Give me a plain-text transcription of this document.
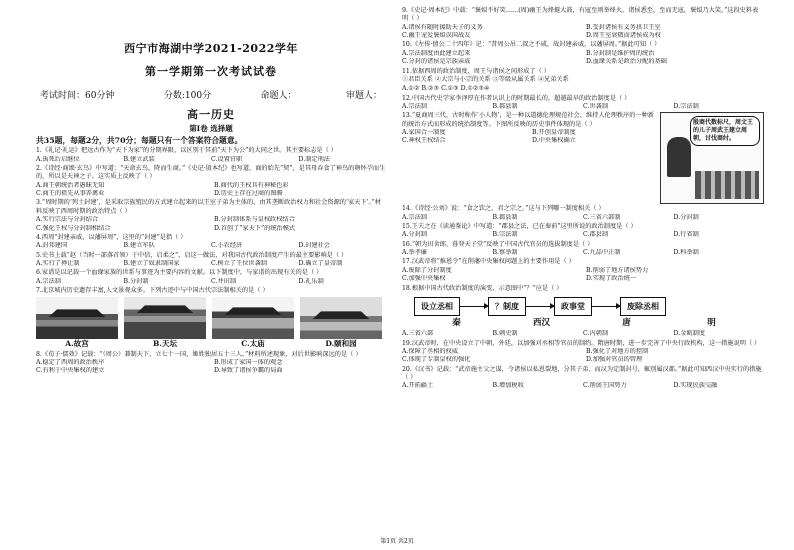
西宁市海湖中学2021-2022学年
第一学期第一次考试试卷
考试时间：60分钟	分数:100分	命题人：	审题人：
高一历史
第Ⅰ卷 选择题
共35题，每题2分，共70分；每题只有一个答案符合题意。
1.《礼记·礼运》把远古作为“天下为家”的分期界限，以区别于其前“天下为公”的大同之世。其主要标志是（ ）
A.禹死后启继位	B.建立武装	C.设置官职	D.制定刑法
2.《诗经·商颂·玄鸟》中写道：“天命玄鸟，降而生商。”《史记·殷本纪》也写道，商的始先“契”，是其母吞食了神鸟的卵怀孕而生的，所以是天神之子。这实质上反映了（ ）
A.商王朝统治者愚昧无知	B.商代的王权具有神秘色彩
C.商王的祖先从事养禽业	D.历史上存在过商的图腾
3.“周时期的‘列土封建’，是采取宗族殖民的方式建立起来的以王室子弟为主体的，由其垄断政治权力和社会资源的‘家天下’。”材料反映了西周时期的政治特点（ ）
A.实行宗法与分封结合	B.分封制体系与皇权政权结合
C.强化王权与分封制相结合	D.首创了“家天下”的统治模式
4.西周“封建亲戚，以藩屏周”，这里的“封建”是指（ ）
A.封邦建国	B.建立军队	C.小农经济	D.封建社会
5.史书上载“赵（当时一部落首领）于中信，启柔之”，启这一做法，对我国古代政治制度产生的最主要影响是（ ）
A.实行了禅让制	B.建立了奴隶制国家	C.树立了王位世袭制	D.确立了皇帝制
6.家谱是以记载一个血缘家族的世系与事迹为主要内容的文献。以下制度中，与家谱的出现有关的是（ ）
A.宗法制	B.分封制	C.井田制	D.礼乐制
7.北京城内历史遗存丰富,人文景观众多。下列古迹中与中国古代宗法制相关的是（ ）
A.故宫	B.天坛	C.太庙	D.颐和园
8.《荀子·儒效》记载：“（周公）兼制天下，立七十一国，姬姓独居五十三人。”材料所述现象，对后世影响深远的是（ ）
A.稳定了西周的政治秩序	B.形成了家国一体的观念
C.有利于中央集权的建立	D.导致了诸侯争霸的局面
9.《史记·周本纪》中载：“褒姒不好笑……(周)幽王为烽燧大鼓，有寇至则举烽火。诸侯悉至，至而无寇，褒姒乃大笑。”这段史料表明（ ）
A.诸侯有随时援助天子的义务	B.受封诸侯有义务拱卫王室
C.幽王宠爱褒姒误国战友	D.周王室衰微而诸侯成为权
10.《左传·僖公二十四年》记：“昔周公吊二叔之不咸，故封建亲戚，以藩屏周。”据此可知（ ）
A.宗法制度由此建立起来	B.分封制是维护周的统治
C.分封的诸侯是宗族亲戚	D.血缘关系是政治分配的基础
11.依据西周的政治制度，周王与诸侯之间形成了（ ）
①君臣关系 ②大宗与小宗的关系 ③等级从属关系 ④兄弟关系
A.①② B.②③ C.①③ D.①②③④
12.中国古代史学家李泽厚在作者认识上的时期最长的，超越最早的政治制度是（ ）
A.宗法制	B.郡县制	C.世袭制	D.宗法制
13.“夏商周三代，古时称作‘小人物’，是一种以道德伦理规范社会、维持人伦理秩序的一种新的统治方式而形成的统治制度等。下图所反映的历史事件体现的是（ ）
A.家国合一制度	B.开创皇帝制度
C.神权王权结合	D.中央集权确立
殷商代数标尺，周文王的儿子周武王建立周朝，讨伐商纣。
14.《诗经·公刘》说：“食之饮之，君之宗之。”这与下列哪一制度相关（ ）
A.宗法制	B.郡县制	C.三省六部制	D.分封制
15.王夫之在《读通鉴论》中写道：“郡县之法，已在秦前”这里所说的政治制度是（ ）
A.分封制	B.宗法制	C.郡县制	D.行省制
16.“朝为田舍郎，暮登天子堂”反映了中国古代官员的选拔制度是（ ）
A.举孝廉	B.察举制	C.九品中正制	D.科举制
17.汉武帝将“推恩令”在削藩中央集权问题上的主要作用是（ ）
A.废除了分封制度	B.削弱了地方诸侯势力
C.加强中央集权	D.实现了政治统一
18.根据中国古代政治制度的演变，示意图中“？”应是（ ）
设立丞相	？制度	政事堂	废除丞相
秦	西汉	唐	明
A.三省六部	B.刺史制	C.内朝制	D.金瓯制度
19.汉武帝时，在中央设立了中朝，外廷，以加强对丞相等官员的制约。隋唐时期，进一步完善了中央行政机构，这一措施说明（ ）
A.保障了丞相的权威	B.强化了对地方的控制
C.体现了专制皇权的强化	D.加强对官员的管理
20.《汉书》记载：“武帝施主父之谋，令诸侯以私恩裂地，分其子弟，而汉为定制封号，辄别属汉郡。”据此可知西汉中央实行的措施（ ）
A.开拓疆土	B.增加税收	C.削弱王国势力	D.实现民族交融
第1页 共2页
